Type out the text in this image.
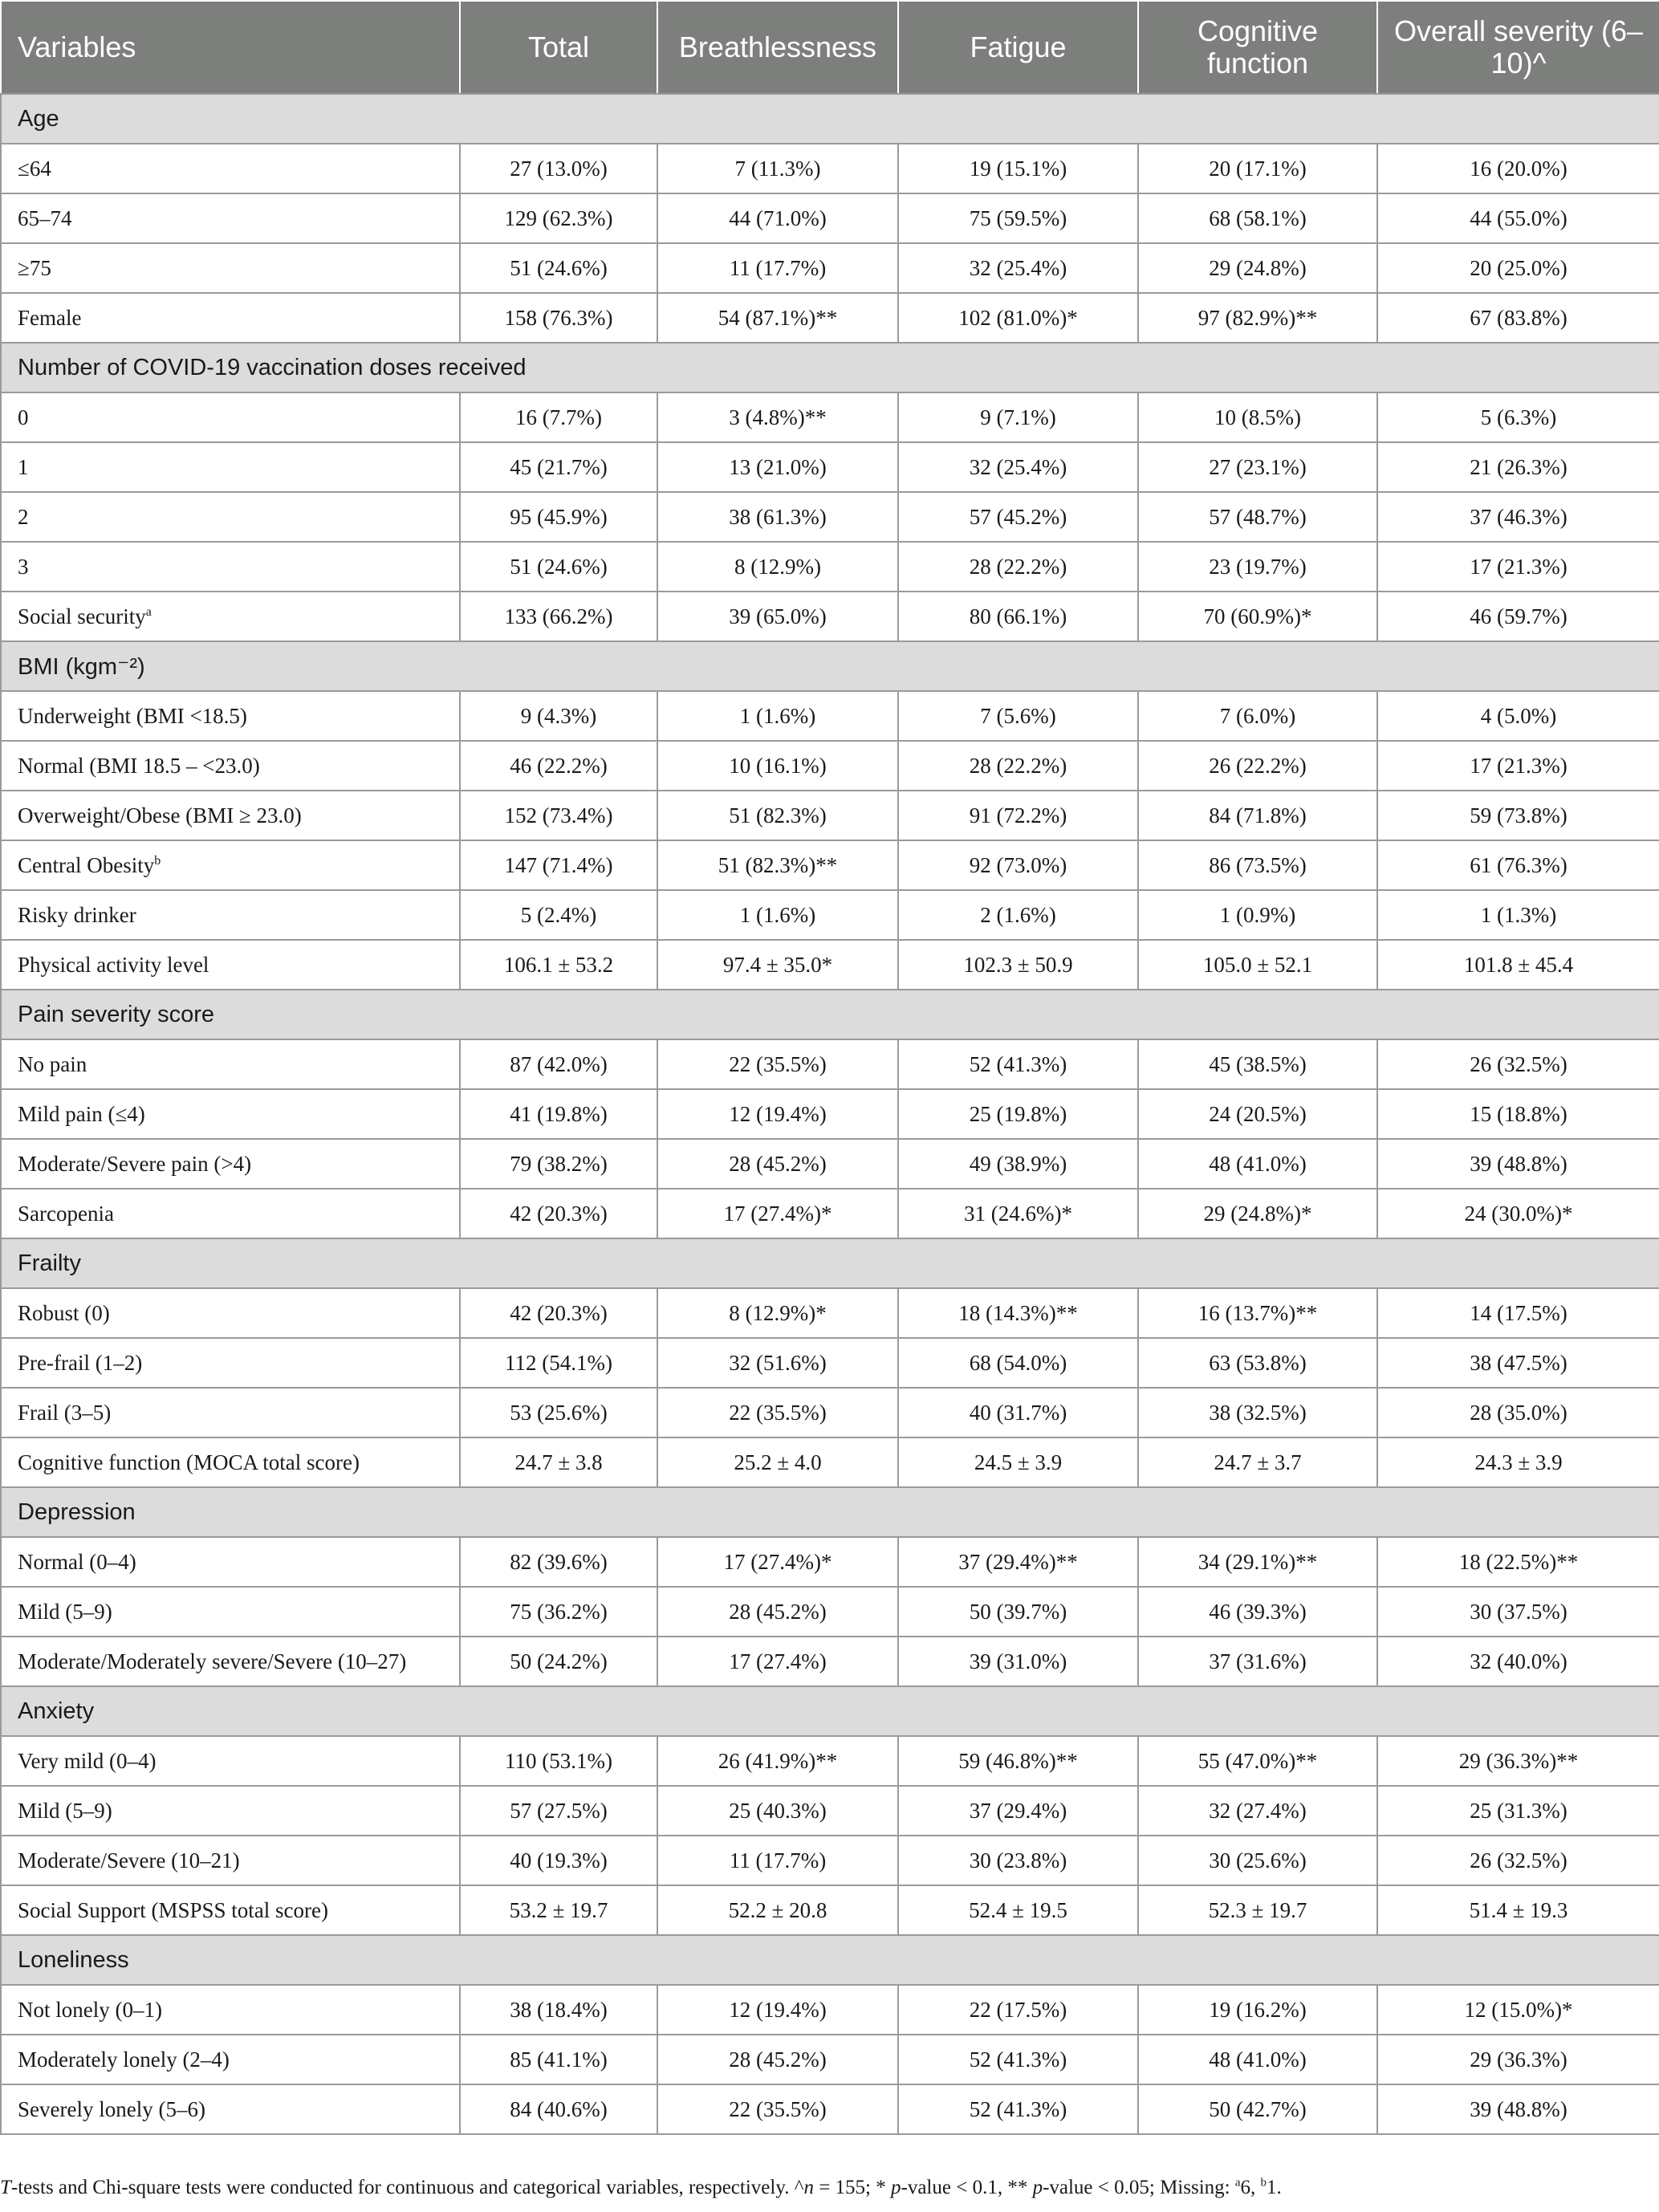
Variables	Total	Breathlessness	Fatigue	Cognitive function	Overall severity (6–10)^
Age					
≤64	27 (13.0%)	7 (11.3%)	19 (15.1%)	20 (17.1%)	16 (20.0%)
65–74	129 (62.3%)	44 (71.0%)	75 (59.5%)	68 (58.1%)	44 (55.0%)
≥75	51 (24.6%)	11 (17.7%)	32 (25.4%)	29 (24.8%)	20 (25.0%)
Female	158 (76.3%)	54 (87.1%)**	102 (81.0%)*	97 (82.9%)**	67 (83.8%)
Number of COVID-19 vaccination doses received					
0	16 (7.7%)	3 (4.8%)**	9 (7.1%)	10 (8.5%)	5 (6.3%)
1	45 (21.7%)	13 (21.0%)	32 (25.4%)	27 (23.1%)	21 (26.3%)
2	95 (45.9%)	38 (61.3%)	57 (45.2%)	57 (48.7%)	37 (46.3%)
3	51 (24.6%)	8 (12.9%)	28 (22.2%)	23 (19.7%)	17 (21.3%)
Social security$^a$	133 (66.2%)	39 (65.0%)	80 (66.1%)	70 (60.9%)*	46 (59.7%)
BMI (kgm⁻²)					
Underweight (BMI <18.5)	9 (4.3%)	1 (1.6%)	7 (5.6%)	7 (6.0%)	4 (5.0%)
Normal (BMI 18.5 – <23.0)	46 (22.2%)	10 (16.1%)	28 (22.2%)	26 (22.2%)	17 (21.3%)
Overweight/Obese (BMI ≥ 23.0)	152 (73.4%)	51 (82.3%)	91 (72.2%)	84 (71.8%)	59 (73.8%)
Central Obesity$^b$	147 (71.4%)	51 (82.3%)**	92 (73.0%)	86 (73.5%)	61 (76.3%)
Risky drinker	5 (2.4%)	1 (1.6%)	2 (1.6%)	1 (0.9%)	1 (1.3%)
Physical activity level	106.1 ± 53.2	97.4 ± 35.0*	102.3 ± 50.9	105.0 ± 52.1	101.8 ± 45.4
Pain severity score					
No pain	87 (42.0%)	22 (35.5%)	52 (41.3%)	45 (38.5%)	26 (32.5%)
Mild pain (≤4)	41 (19.8%)	12 (19.4%)	25 (19.8%)	24 (20.5%)	15 (18.8%)
Moderate/Severe pain (>4)	79 (38.2%)	28 (45.2%)	49 (38.9%)	48 (41.0%)	39 (48.8%)
Sarcopenia	42 (20.3%)	17 (27.4%)*	31 (24.6%)*	29 (24.8%)*	24 (30.0%)*
Frailty					
Robust (0)	42 (20.3%)	8 (12.9%)*	18 (14.3%)**	16 (13.7%)**	14 (17.5%)
Pre-frail (1–2)	112 (54.1%)	32 (51.6%)	68 (54.0%)	63 (53.8%)	38 (47.5%)
Frail (3–5)	53 (25.6%)	22 (35.5%)	40 (31.7%)	38 (32.5%)	28 (35.0%)
Cognitive function (MOCA total score)	24.7 ± 3.8	25.2 ± 4.0	24.5 ± 3.9	24.7 ± 3.7	24.3 ± 3.9
Depression					
Normal (0–4)	82 (39.6%)	17 (27.4%)*	37 (29.4%)**	34 (29.1%)**	18 (22.5%)**
Mild (5–9)	75 (36.2%)	28 (45.2%)	50 (39.7%)	46 (39.3%)	30 (37.5%)
Moderate/Moderately severe/Severe (10–27)	50 (24.2%)	17 (27.4%)	39 (31.0%)	37 (31.6%)	32 (40.0%)
Anxiety					
Very mild (0–4)	110 (53.1%)	26 (41.9%)**	59 (46.8%)**	55 (47.0%)**	29 (36.3%)**
Mild (5–9)	57 (27.5%)	25 (40.3%)	37 (29.4%)	32 (27.4%)	25 (31.3%)
Moderate/Severe (10–21)	40 (19.3%)	11 (17.7%)	30 (23.8%)	30 (25.6%)	26 (32.5%)
Social Support (MSPSS total score)	53.2 ± 19.7	52.2 ± 20.8	52.4 ± 19.5	52.3 ± 19.7	51.4 ± 19.3
Loneliness					
Not lonely (0–1)	38 (18.4%)	12 (19.4%)	22 (17.5%)	19 (16.2%)	12 (15.0%)*
Moderately lonely (2–4)	85 (41.1%)	28 (45.2%)	52 (41.3%)	48 (41.0%)	29 (36.3%)
Severely lonely (5–6)	84 (40.6%)	22 (35.5%)	52 (41.3%)	50 (42.7%)	39 (48.8%)
T-tests and Chi-square tests were conducted for continuous and categorical variables, respectively. ^n = 155; * p-value < 0.1, ** p-value < 0.05; Missing: $^a$6, $^b$1.
